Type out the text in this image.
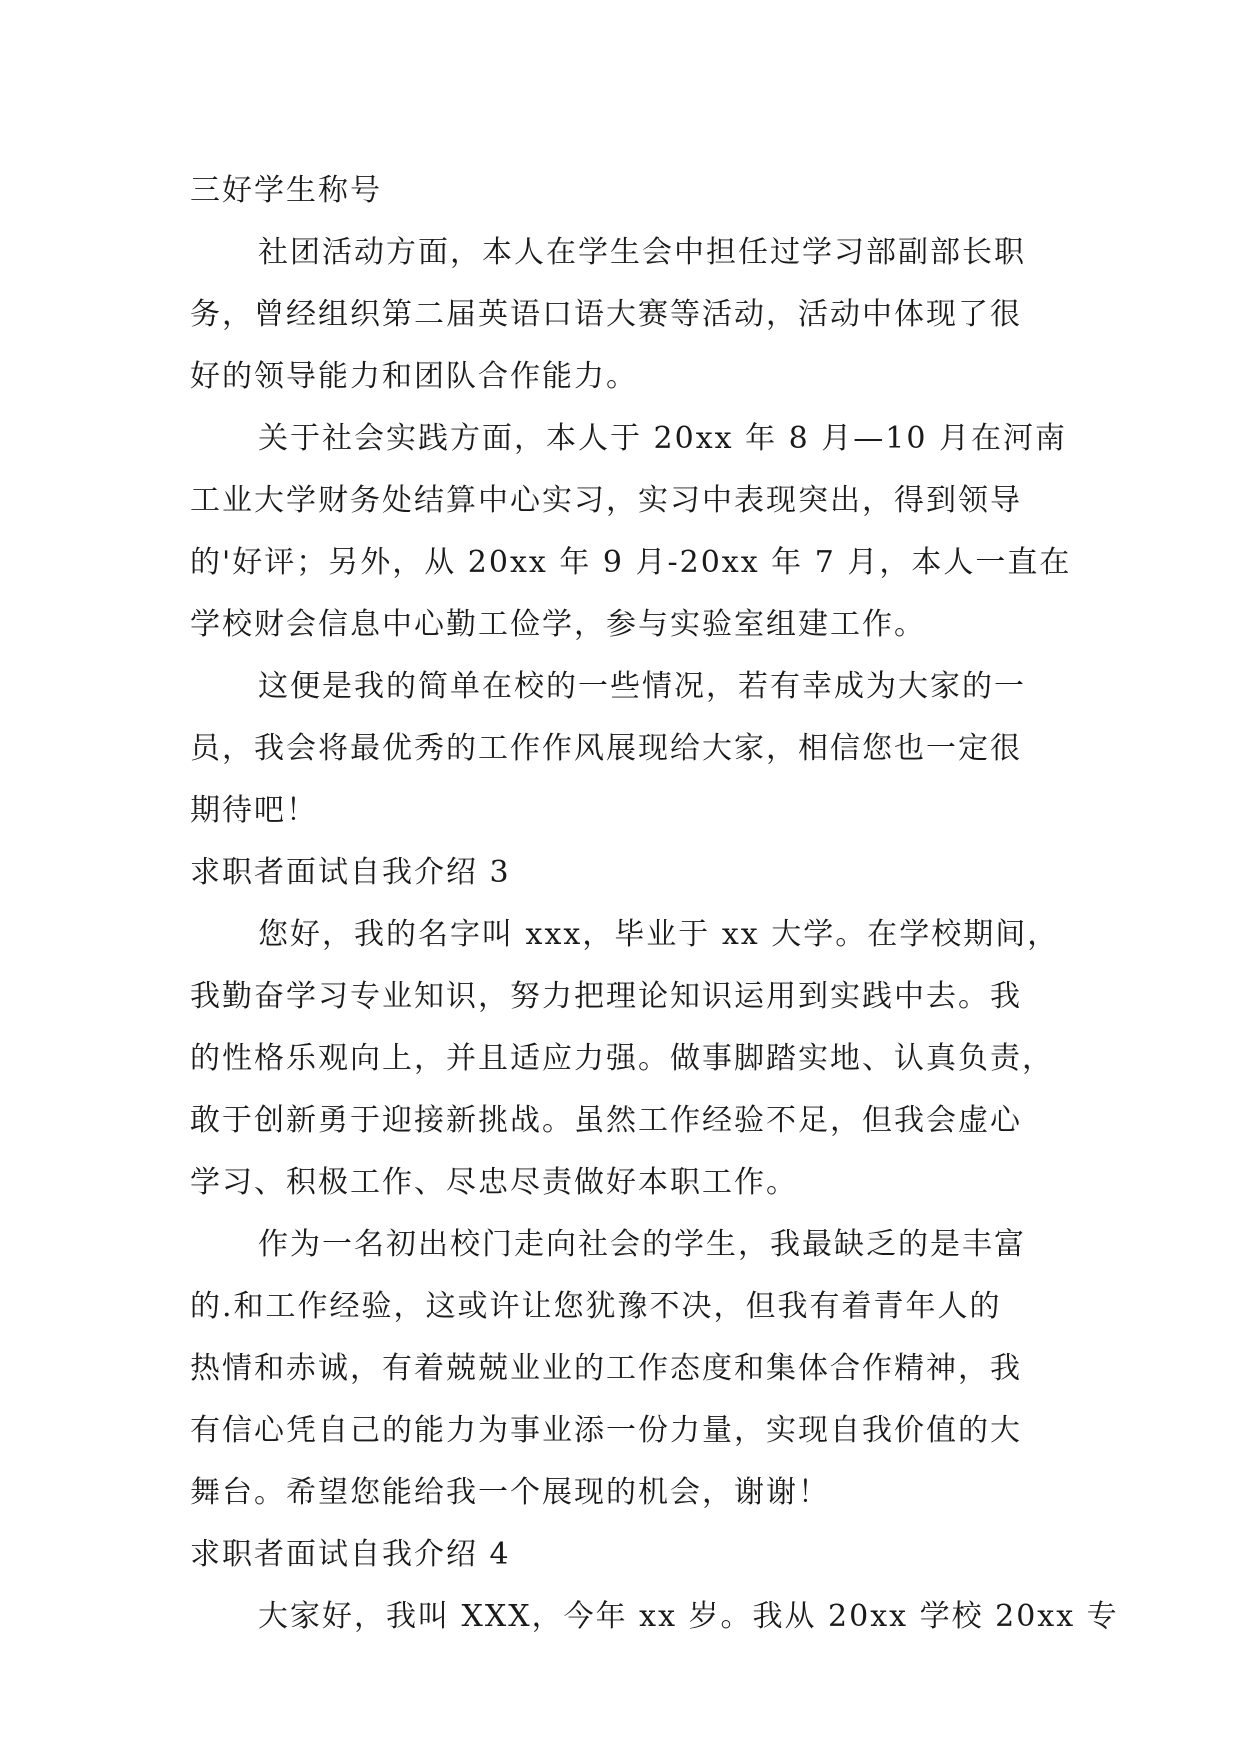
三好学生称号
社团活动方面，本人在学生会中担任过学习部副部长职
务，曾经组织第二届英语口语大赛等活动，活动中体现了很
好的领导能力和团队合作能力。
关于社会实践方面，本人于 20xx 年 8 月—10 月在河南
工业大学财务处结算中心实习，实习中表现突出，得到领导
的'好评；另外，从 20xx 年 9 月-20xx 年 7 月，本人一直在
学校财会信息中心勤工俭学，参与实验室组建工作。
这便是我的简单在校的一些情况，若有幸成为大家的一
员，我会将最优秀的工作作风展现给大家，相信您也一定很
期待吧！
求职者面试自我介绍 3
您好，我的名字叫 xxx，毕业于 xx 大学。在学校期间，
我勤奋学习专业知识，努力把理论知识运用到实践中去。我
的性格乐观向上，并且适应力强。做事脚踏实地、认真负责，
敢于创新勇于迎接新挑战。虽然工作经验不足，但我会虚心
学习、积极工作、尽忠尽责做好本职工作。
作为一名初出校门走向社会的学生，我最缺乏的是丰富
的.和工作经验，这或许让您犹豫不决，但我有着青年人的
热情和赤诚，有着兢兢业业的工作态度和集体合作精神，我
有信心凭自己的能力为事业添一份力量，实现自我价值的大
舞台。希望您能给我一个展现的机会，谢谢！
求职者面试自我介绍 4
大家好，我叫 XXX，今年 xx 岁。我从 20xx 学校 20xx 专
